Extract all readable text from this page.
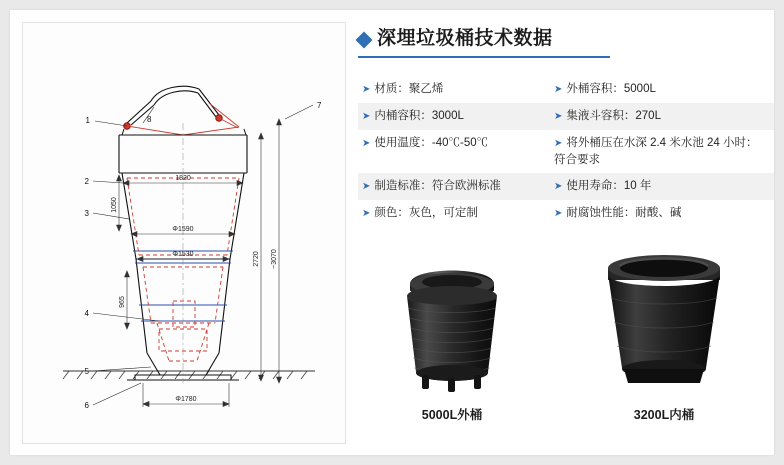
1820
Φ1590
Φ1530
Φ1780
1050
965
2720 ~3070
1	8
2
3
4
5
6
7
深埋垃圾桶技术数据
➤ 材质：聚乙烯	➤ 外桶容积：5000L
➤ 内桶容积：3000L	➤ 集液斗容积：270L
➤ 使用温度：-40℃-50℃	➤ 将外桶压在水深 2.4 米水池 24 小时：符合要求
➤ 制造标准：符合欧洲标准	➤ 使用寿命：10 年
➤ 颜色：灰色，可定制	➤ 耐腐蚀性能：耐酸、碱
5000L外桶	3200L内桶
